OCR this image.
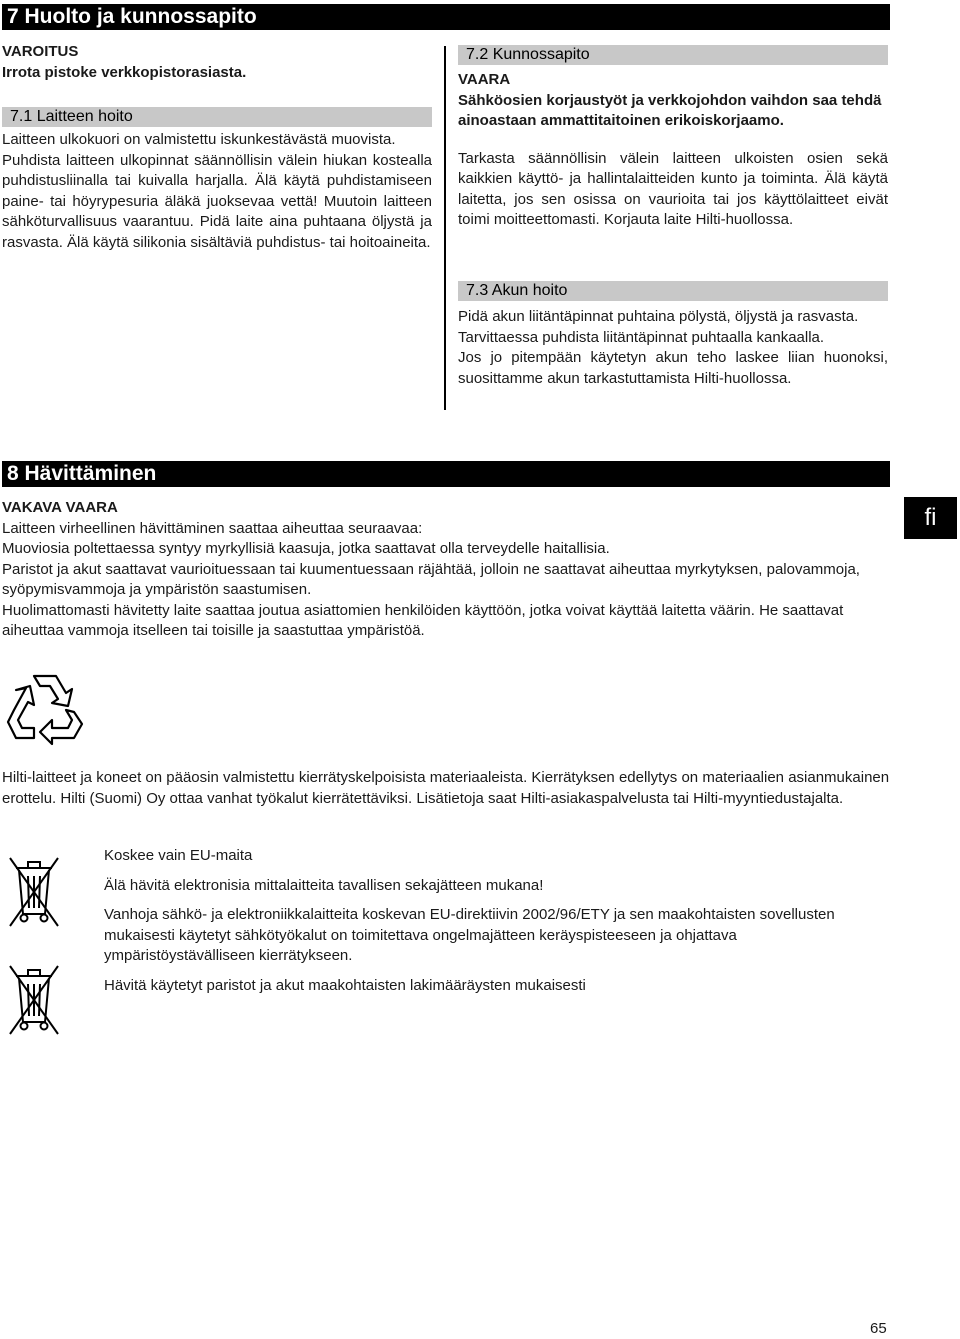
7 Huolto ja kunnossapito

VAROITUS

Irrota pistoke verkkopistorasiasta.

7.1 Laitteen hoito

Laitteen ulkokuori on valmistettu iskunkestävästä muovista.

Puhdista laitteen ulkopinnat säännöllisin välein hiukan kostealla puhdistusliinalla tai kuivalla harjalla. Älä käytä puhdistamiseen paine- tai höyrypesuria äläkä juoksevaa vettä! Muutoin laitteen sähköturvallisuus vaarantuu. Pidä laite aina puhtaana öljystä ja rasvasta. Älä käytä silikonia sisältäviä puhdistus- tai hoitoaineita.

7.2 Kunnossapito

VAARA

Sähköosien korjaustyöt ja verkkojohdon vaihdon saa tehdä ainoastaan ammattitaitoinen erikoiskorjaamo.

Tarkasta säännöllisin välein laitteen ulkoisten osien sekä kaikkien käyttö- ja hallintalaitteiden kunto ja toiminta. Älä käytä laitetta, jos sen osissa on vaurioita tai jos käyttölaitteet eivät toimi moitteettomasti. Korjauta laite Hilti-huollossa.

7.3 Akun hoito

Pidä akun liitäntäpinnat puhtaina pölystä, öljystä ja rasvasta.

Tarvittaessa puhdista liitäntäpinnat puhtaalla kankaalla.

Jos jo pitempään käytetyn akun teho laskee liian huonoksi, suosittamme akun tarkastuttamista Hilti-huollossa.

8 Hävittäminen
fi

VAKAVA VAARA

Laitteen virheellinen hävittäminen saattaa aiheuttaa seuraavaa:

Muoviosia poltettaessa syntyy myrkyllisiä kaasuja, jotka saattavat olla terveydelle haitallisia.

Paristot ja akut saattavat vaurioituessaan tai kuumentuessaan räjähtää, jolloin ne saattavat aiheuttaa myrkytyksen, palovammoja, syöpymisvammoja ja ympäristön saastumisen.

Huolimattomasti hävitetty laite saattaa joutua asiattomien henkilöiden käyttöön, jotka voivat käyttää laitetta väärin. He saattavat aiheuttaa vammoja itselleen tai toisille ja saastuttaa ympäristöä.

Hilti-laitteet ja koneet on pääosin valmistettu kierrätyskelpoisista materiaaleista. Kierrätyksen edellytys on materiaalien asianmukainen erottelu. Hilti (Suomi) Oy ottaa vanhat työkalut kierrätettäviksi. Lisätietoja saat Hilti-asiakaspalvelusta tai Hilti-myyntiedustajalta.

Koskee vain EU-maita

Älä hävitä elektronisia mittalaitteita tavallisen sekajätteen mukana!

Vanhoja sähkö- ja elektroniikkalaitteita koskevan EU-direktiivin 2002/96/ETY ja sen maakohtaisten sovellusten mukaisesti käytetyt sähkötyökalut on toimitettava ongelmajätteen keräyspisteeseen ja ohjattava ympäristöystävälliseen kierrätykseen.

Hävitä käytetyt paristot ja akut maakohtaisten lakimääräysten mukaisesti

65
